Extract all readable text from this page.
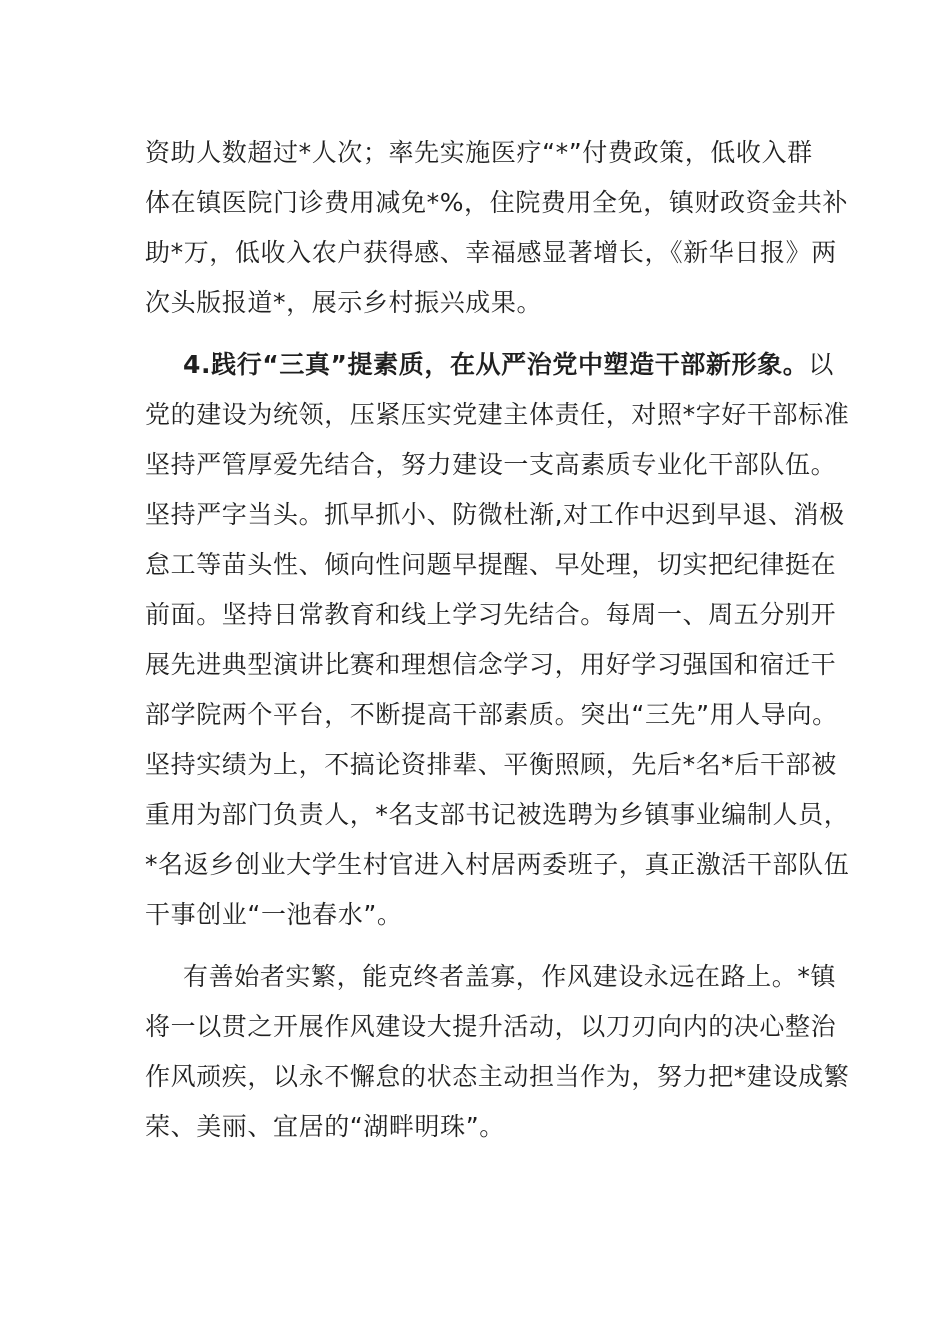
资助人数超过*人次；率先实施医疗“*”付费政策，低收入群
体在镇医院门诊费用减免*%，住院费用全免，镇财政资金共补
助*万，低收入农户获得感、幸福感显著增长，《新华日报》两
次头版报道*，展示乡村振兴成果。
4.践行“三真”提素质，在从严治党中塑造干部新形象。以
党的建设为统领，压紧压实党建主体责任，对照*字好干部标准
坚持严管厚爱先结合，努力建设一支高素质专业化干部队伍。
坚持严字当头。抓早抓小、防微杜渐,对工作中迟到早退、消极
怠工等苗头性、倾向性问题早提醒、早处理，切实把纪律挺在
前面。坚持日常教育和线上学习先结合。每周一、周五分别开
展先进典型演讲比赛和理想信念学习，用好学习强国和宿迁干
部学院两个平台，不断提高干部素质。突出“三先”用人导向。
坚持实绩为上，不搞论资排辈、平衡照顾，先后*名*后干部被
重用为部门负责人，*名支部书记被选聘为乡镇事业编制人员，
*名返乡创业大学生村官进入村居两委班子，真正激活干部队伍
干事创业“一池春水”。
有善始者实繁，能克终者盖寡，作风建设永远在路上。*镇
将一以贯之开展作风建设大提升活动，以刀刃向内的决心整治
作风顽疾，以永不懈怠的状态主动担当作为，努力把*建设成繁
荣、美丽、宜居的“湖畔明珠”。
